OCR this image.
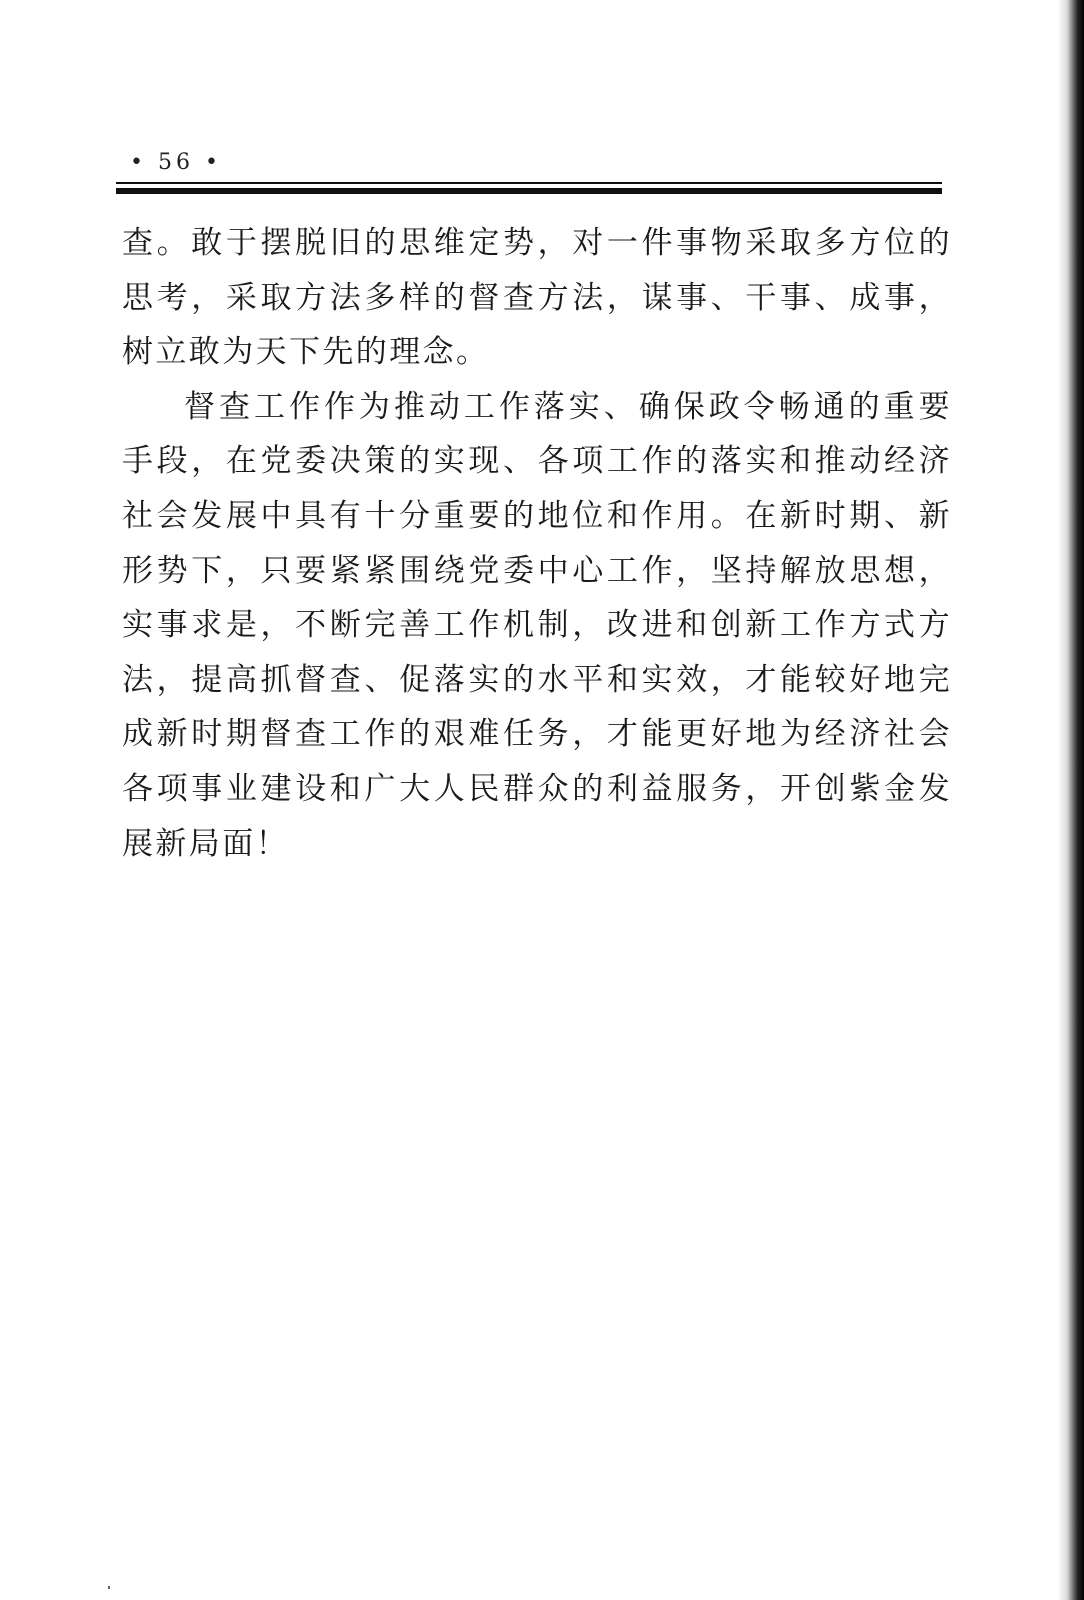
• 56 •

查。敢于摆脱旧的思维定势，对一件事物采取多方位的思考，采取方法多样的督查方法，谋事、干事、成事，树立敢为天下先的理念。

督查工作作为推动工作落实、确保政令畅通的重要手段，在党委决策的实现、各项工作的落实和推动经济社会发展中具有十分重要的地位和作用。在新时期、新形势下，只要紧紧围绕党委中心工作，坚持解放思想，实事求是，不断完善工作机制，改进和创新工作方式方法，提高抓督查、促落实的水平和实效，才能较好地完成新时期督查工作的艰难任务，才能更好地为经济社会各项事业建设和广大人民群众的利益服务，开创紫金发展新局面！
